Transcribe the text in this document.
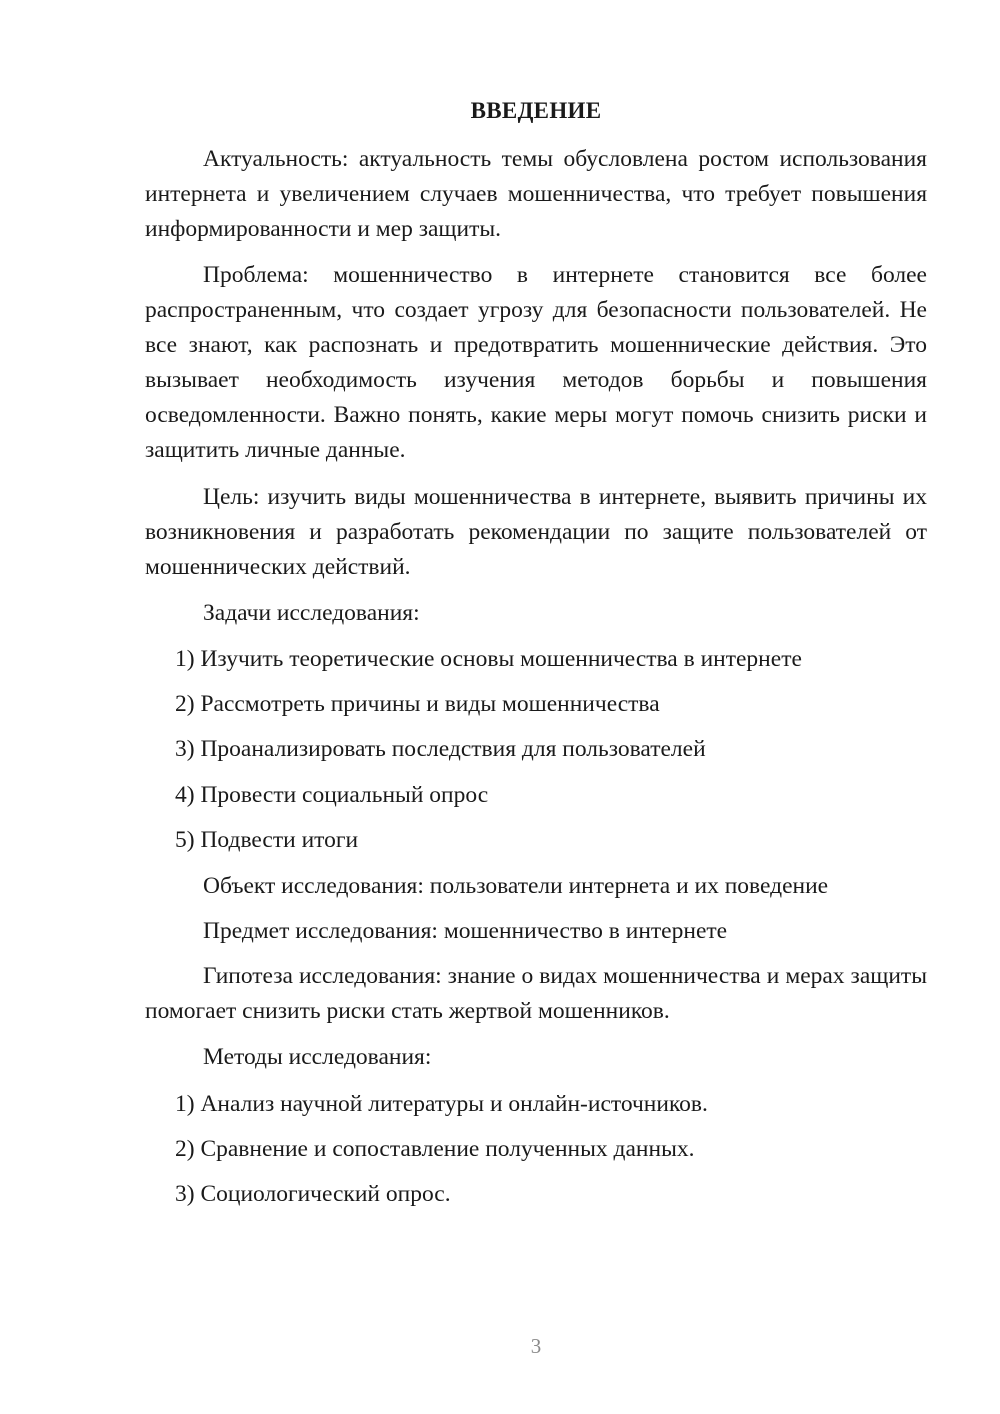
ВВЕДЕНИЕ

Актуальность: актуальность темы обусловлена ростом использования интернета и увеличением случаев мошенничества, что требует повышения информированности и мер защиты.

Проблема: мошенничество в интернете становится все более распространенным, что создает угрозу для безопасности пользователей. Не все знают, как распознать и предотвратить мошеннические действия. Это вызывает необходимость изучения методов борьбы и повышения осведомленности. Важно понять, какие меры могут помочь снизить риски и защитить личные данные.

Цель: изучить виды мошенничества в интернете, выявить причины их возникновения и разработать рекомендации по защите пользователей от мошеннических действий.

Задачи исследования:

1) Изучить теоретические основы мошенничества в интернете

2) Рассмотреть причины и виды мошенничества

3) Проанализировать последствия для пользователей

4) Провести социальный опрос

5) Подвести итоги

Объект исследования: пользователи интернета и их поведение

Предмет исследования: мошенничество в интернете

Гипотеза исследования: знание о видах мошенничества и мерах защиты помогает снизить риски стать жертвой мошенников.

Методы исследования:

1) Анализ научной литературы и онлайн-источников.

2) Сравнение и сопоставление полученных данных.

3) Социологический опрос.

3
